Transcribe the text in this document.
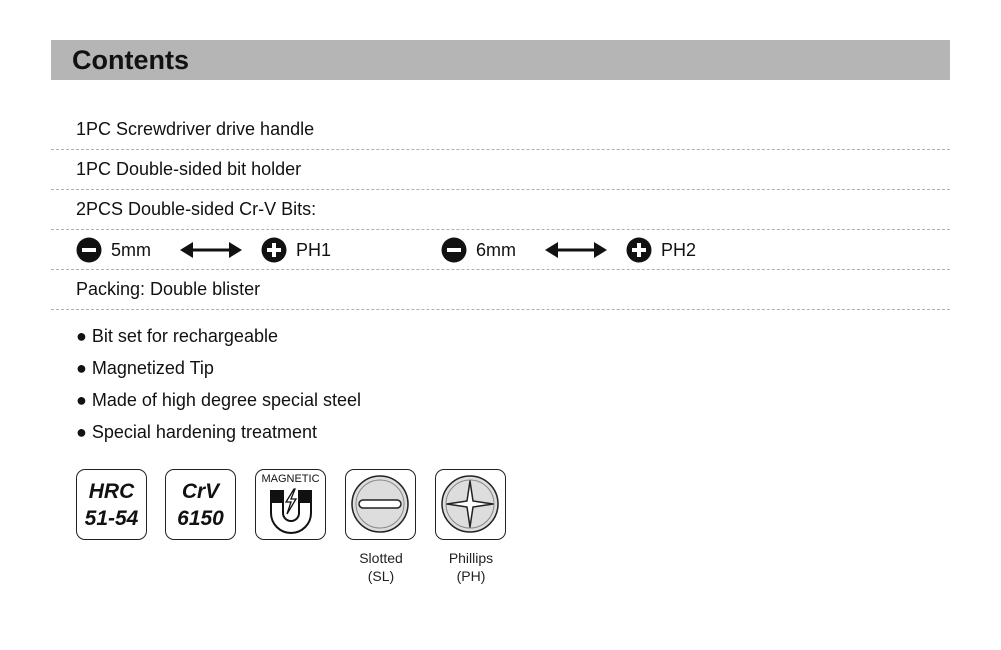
Contents
1PC Screwdriver drive handle
1PC Double-sided bit holder
2PCS Double-sided Cr-V Bits:
5mm	PH1	6mm	PH2
Packing: Double blister
● Bit set for rechargeable
● Magnetized Tip
● Made of high degree special steel
● Special hardening treatment
HRC
51-54
CrV
6150
MAGNETIC
Slotted
(SL)
Phillips
(PH)
